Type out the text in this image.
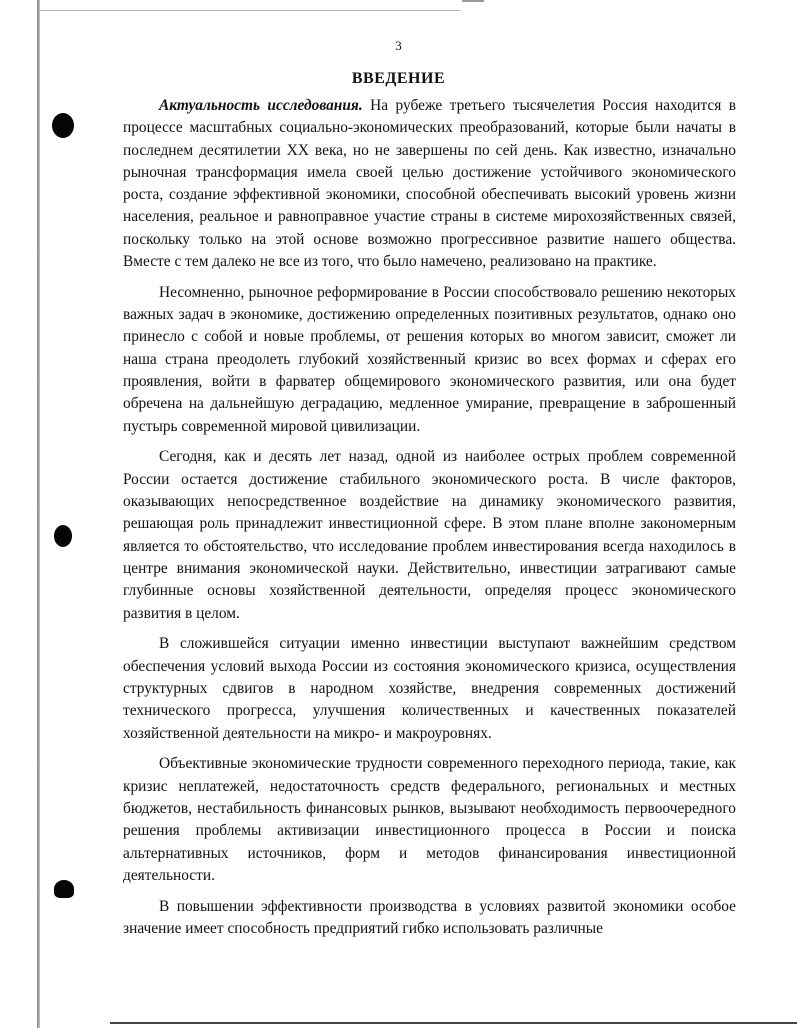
3
ВВЕДЕНИЕ

Актуальность исследования. На рубеже третьего тысячелетия Россия находится в процессе масштабных социально-экономических преобразований, которые были начаты в последнем десятилетии XX века, но не завершены по сей день. Как известно, изначально рыночная трансформация имела своей целью достижение устойчивого экономического роста, создание эффективной экономики, способной обеспечивать высокий уровень жизни населения, реальное и равноправное участие страны в системе мирохозяйственных связей, поскольку только на этой основе возможно прогрессивное развитие нашего общества. Вместе с тем далеко не все из того, что было намечено, реализовано на практике.

Несомненно, рыночное реформирование в России способствовало решению некоторых важных задач в экономике, достижению определенных позитивных результатов, однако оно принесло с собой и новые проблемы, от решения которых во многом зависит, сможет ли наша страна преодолеть глубокий хозяйственный кризис во всех формах и сферах его проявления, войти в фарватер общемирового экономического развития, или она будет обречена на дальнейшую деградацию, медленное умирание, превращение в заброшенный пустырь современной мировой цивилизации.

Сегодня, как и десять лет назад, одной из наиболее острых проблем современной России остается достижение стабильного экономического роста. В числе факторов, оказывающих непосредственное воздействие на динамику экономического развития, решающая роль принадлежит инвестиционной сфере. В этом плане вполне закономерным является то обстоятельство, что исследование проблем инвестирования всегда находилось в центре внимания экономической науки. Действительно, инвестиции затрагивают самые глубинные основы хозяйственной деятельности, определяя процесс экономического развития в целом.

В сложившейся ситуации именно инвестиции выступают важнейшим средством обеспечения условий выхода России из состояния экономического кризиса, осуществления структурных сдвигов в народном хозяйстве, внедрения современных достижений технического прогресса, улучшения количественных и качественных показателей хозяйственной деятельности на микро- и макроуровнях.

Объективные экономические трудности современного переходного периода, такие, как кризис неплатежей, недостаточность средств федерального, региональных и местных бюджетов, нестабильность финансовых рынков, вызывают необходимость первоочередного решения проблемы активизации инвестиционного процесса в России и поиска альтернативных источников, форм и методов финансирования инвестиционной деятельности.

В повышении эффективности производства в условиях развитой экономики особое значение имеет способность предприятий гибко использовать различные
